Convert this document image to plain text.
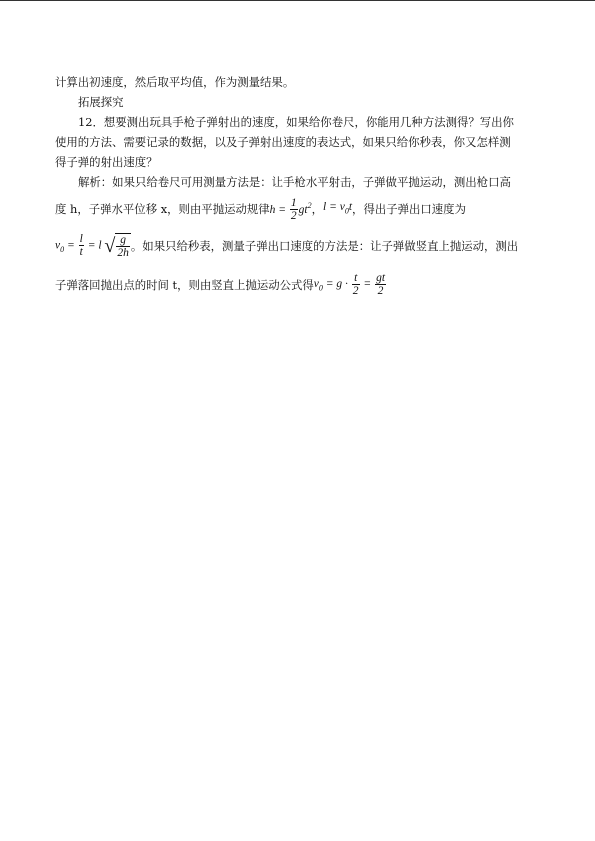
计算出初速度，然后取平均值，作为测量结果。
拓展探究
12．想要测出玩具手枪子弹射出的速度，如果给你卷尺，你能用几种方法测得？写出你
使用的方法、需要记录的数据，以及子弹射出速度的表达式，如果只给你秒表，你又怎样测
得子弹的射出速度？
解析：如果只给卷尺可用测量方法是：让手枪水平射击，子弹做平抛运动，测出枪口高
度 h，子弹水平位移 x，则由平抛运动规律 $h = \frac{1}{2} gt^2$ ， $l = v_0t$ ，得出子弹出口速度为
$v_0 = \frac{l}{t} = l$ √ $\frac{g}{2h}$ 。如果只给秒表，测量子弹出口速度的方法是：让子弹做竖直上抛运动，测出
子弹落回抛出点的时间 t，则由竖直上抛运动公式得 $v_0 = g \cdot \frac{t}{2} = \frac{gt}{2}$
